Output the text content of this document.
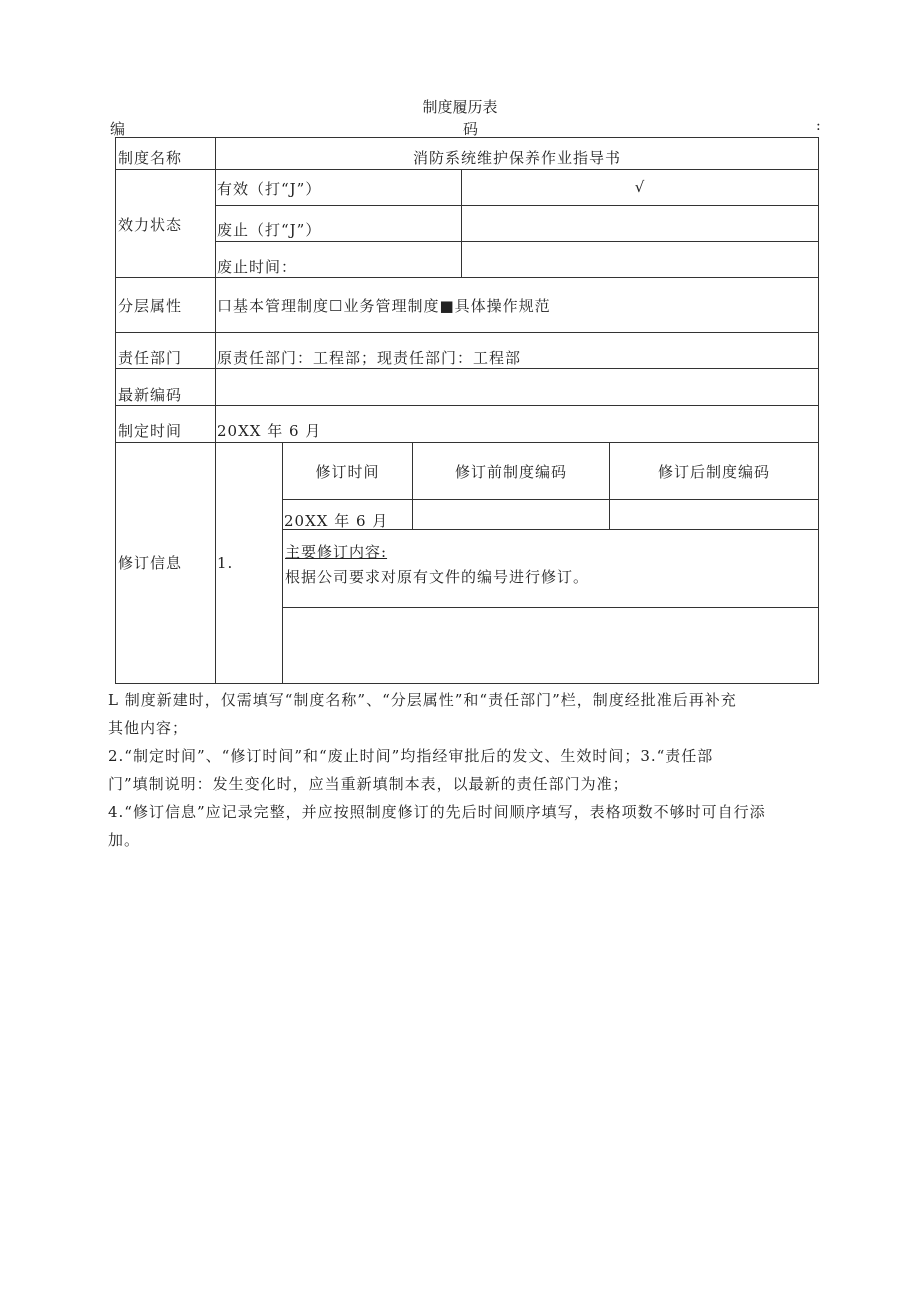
制度履历表
编	码	:
制度名称	消防系统维护保养作业指导书
效力状态
有效（打“J”）	√
废止（打“J”）
废止时间：
分层属性 口基本管理制度☐业务管理制度■具体操作规范
责任部门 原责任部门：工程部；现责任部门：工程部
最新编码
制定时间 20XX 年 6 月
修订信息 1.
修订时间	修订前制度编码	修订后制度编码
20XX 年 6 月
主要修订内容:
根据公司要求对原有文件的编号进行修订。
L 制度新建时，仅需填写“制度名称”、“分层属性”和“责任部门”栏，制度经批准后再补充
其他内容；
2.“制定时间”、“修订时间”和“废止时间”均指经审批后的发文、生效时间；3.“责任部
门”填制说明：发生变化时，应当重新填制本表，以最新的责任部门为准；
4.“修订信息”应记录完整，并应按照制度修订的先后时间顺序填写，表格项数不够时可自行添
加。
